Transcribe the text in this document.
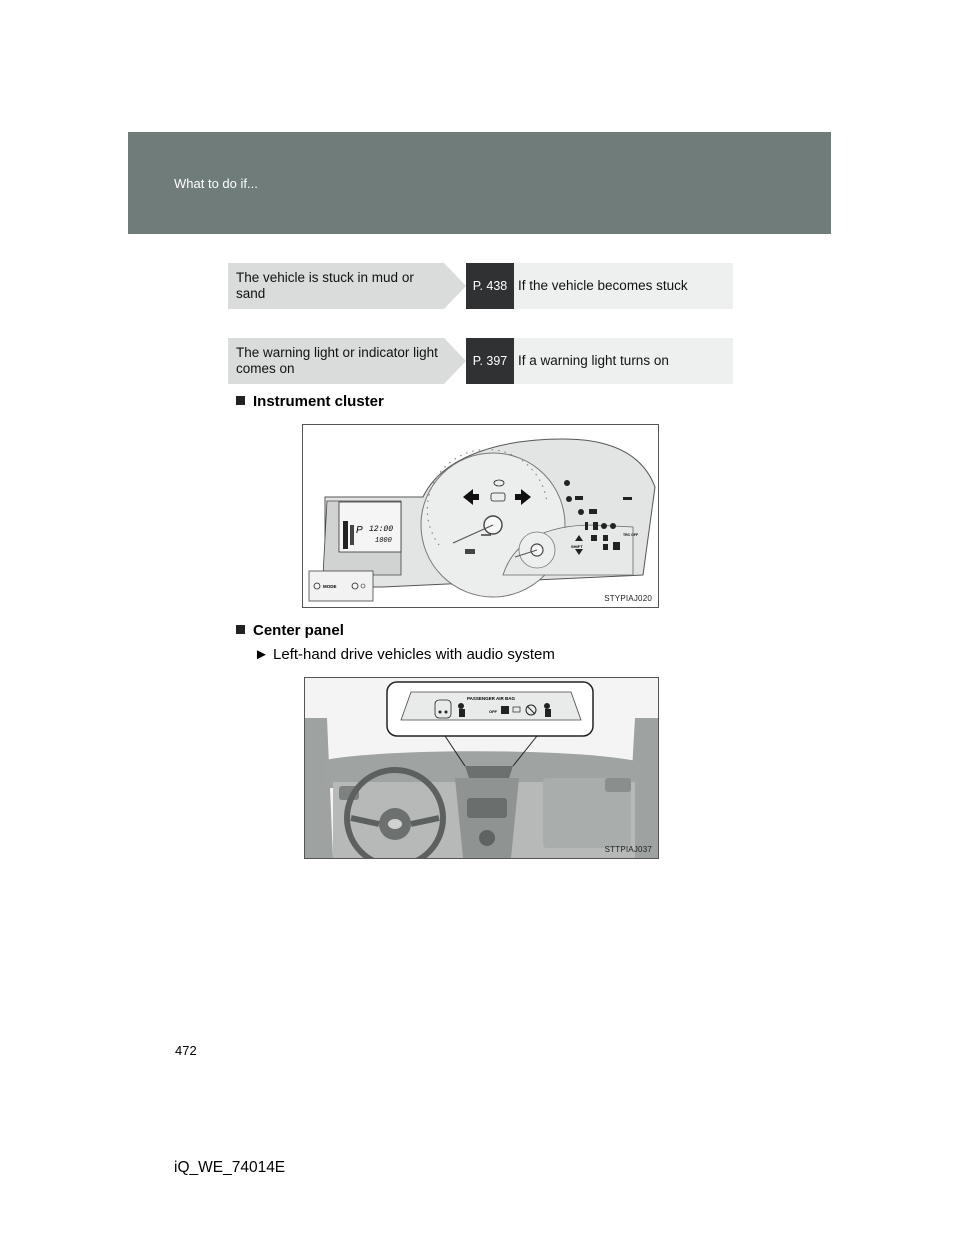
What to do if...
The vehicle is stuck in mud or sand	P. 438 If the vehicle becomes stuck
The warning light or indicator light comes on	P. 397 If a warning light turns on
Instrument cluster
P 12:00
1000
MODE
SHIFT
TRC OFF
STYPIAJ020
Center panel
► Left-hand drive vehicles with audio system
PASSENGER AIR BAG
OFF
STTPIAJ037
472
iQ_WE_74014E
